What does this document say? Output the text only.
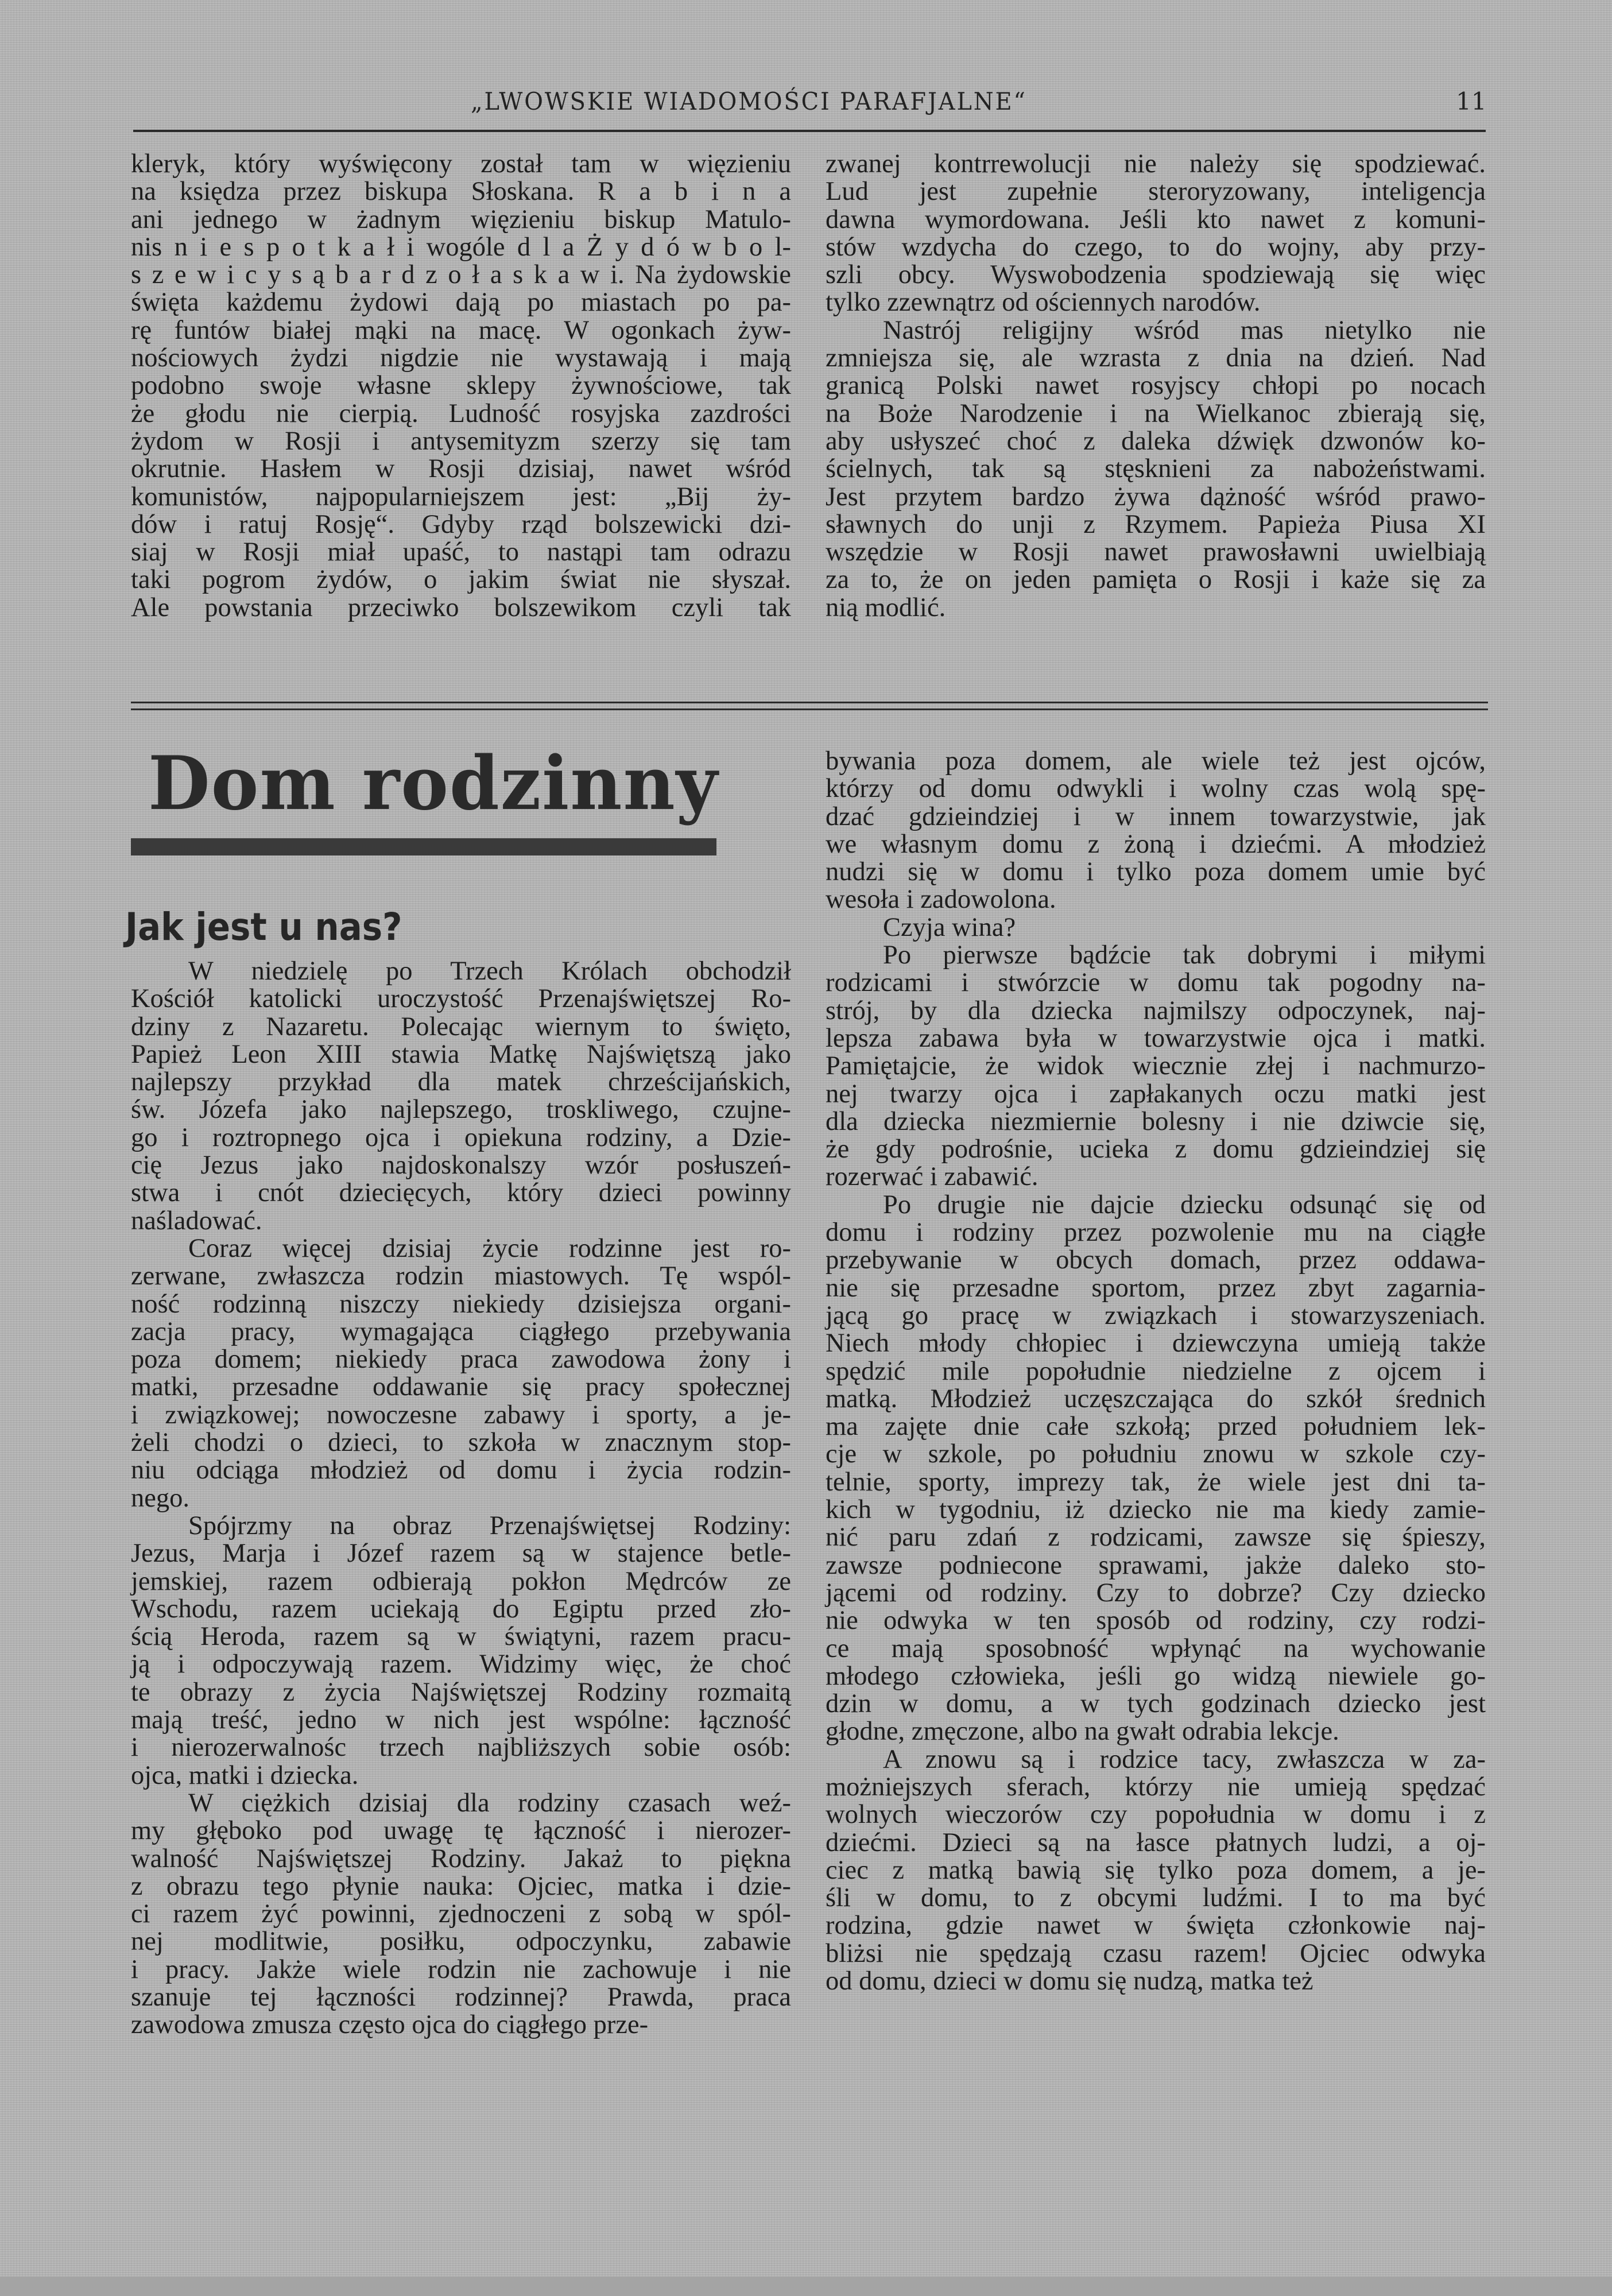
„LWOWSKIE WIADOMOŚCI PARAFJALNE“	11
kleryk, który wyświęcony został tam w więzieniu
na księdza przez biskupa Słoskana. R a b i n a
ani jednego w żadnym więzieniu biskup Matulo-
nis n i e s p o t k a ł i wogóle d l a Ż y d ó w b o l-
s z e w i c y s ą b a r d z o ł a s k a w i. Na żydowskie
święta każdemu żydowi dają po miastach po pa-
rę funtów białej mąki na macę. W ogonkach żyw-
nościowych żydzi nigdzie nie wystawają i mają
podobno swoje własne sklepy żywnościowe, tak
że głodu nie cierpią. Ludność rosyjska zazdrości
żydom w Rosji i antysemityzm szerzy się tam
okrutnie. Hasłem w Rosji dzisiaj, nawet wśród
komunistów, najpopularniejszem jest: „Bij ży-
dów i ratuj Rosję“. Gdyby rząd bolszewicki dzi-
siaj w Rosji miał upaść, to nastąpi tam odrazu
taki pogrom żydów, o jakim świat nie słyszał.
Ale powstania przeciwko bolszewikom czyli tak
zwanej kontrrewolucji nie należy się spodziewać.
Lud jest zupełnie steroryzowany, inteligencja
dawna wymordowana. Jeśli kto nawet z komuni-
stów wzdycha do czego, to do wojny, aby przy-
szli obcy. Wyswobodzenia spodziewają się więc
tylko zzewnątrz od ościennych narodów.
Nastrój religijny wśród mas nietylko nie
zmniejsza się, ale wzrasta z dnia na dzień. Nad
granicą Polski nawet rosyjscy chłopi po nocach
na Boże Narodzenie i na Wielkanoc zbierają się,
aby usłyszeć choć z daleka dźwięk dzwonów ko-
ścielnych, tak są stęsknieni za nabożeństwami.
Jest przytem bardzo żywa dążność wśród prawo-
sławnych do unji z Rzymem. Papieża Piusa XI
wszędzie w Rosji nawet prawosławni uwielbiają
za to, że on jeden pamięta o Rosji i każe się za
nią modlić.
Dom rodzinny
Jak jest u nas?
W niedzielę po Trzech Królach obchodził
Kościół katolicki uroczystość Przenajświętszej Ro-
dziny z Nazaretu. Polecając wiernym to święto,
Papież Leon XIII stawia Matkę Najświętszą jako
najlepszy przykład dla matek chrześcijańskich,
św. Józefa jako najlepszego, troskliwego, czujne-
go i roztropnego ojca i opiekuna rodziny, a Dzie-
cię Jezus jako najdoskonalszy wzór posłuszeń-
stwa i cnót dziecięcych, który dzieci powinny
naśladować.
Coraz więcej dzisiaj życie rodzinne jest ro-
zerwane, zwłaszcza rodzin miastowych. Tę wspól-
ność rodzinną niszczy niekiedy dzisiejsza organi-
zacja pracy, wymagająca ciągłego przebywania
poza domem; niekiedy praca zawodowa żony i
matki, przesadne oddawanie się pracy społecznej
i związkowej; nowoczesne zabawy i sporty, a je-
żeli chodzi o dzieci, to szkoła w znacznym stop-
niu odciąga młodzież od domu i życia rodzin-
nego.
Spójrzmy na obraz Przenajświętsej Rodziny:
Jezus, Marja i Józef razem są w stajence betle-
jemskiej, razem odbierają pokłon Mędrców ze
Wschodu, razem uciekają do Egiptu przed zło-
ścią Heroda, razem są w świątyni, razem pracu-
ją i odpoczywają razem. Widzimy więc, że choć
te obrazy z życia Najświętszej Rodziny rozmaitą
mają treść, jedno w nich jest wspólne: łączność
i nierozerwalnośc trzech najbliższych sobie osób:
ojca, matki i dziecka.
W ciężkich dzisiaj dla rodziny czasach weź-
my głęboko pod uwagę tę łączność i nierozer-
walność Najświętszej Rodziny. Jakaż to piękna
z obrazu tego płynie nauka: Ojciec, matka i dzie-
ci razem żyć powinni, zjednoczeni z sobą w spól-
nej modlitwie, posiłku, odpoczynku, zabawie
i pracy. Jakże wiele rodzin nie zachowuje i nie
szanuje tej łączności rodzinnej? Prawda, praca
zawodowa zmusza często ojca do ciągłego prze-
bywania poza domem, ale wiele też jest ojców,
którzy od domu odwykli i wolny czas wolą spę-
dzać gdzieindziej i w innem towarzystwie, jak
we własnym domu z żoną i dziećmi. A młodzież
nudzi się w domu i tylko poza domem umie być
wesoła i zadowolona.
Czyja wina?
Po pierwsze bądźcie tak dobrymi i miłymi
rodzicami i stwórzcie w domu tak pogodny na-
strój, by dla dziecka najmilszy odpoczynek, naj-
lepsza zabawa była w towarzystwie ojca i matki.
Pamiętajcie, że widok wiecznie złej i nachmurzo-
nej twarzy ojca i zapłakanych oczu matki jest
dla dziecka niezmiernie bolesny i nie dziwcie się,
że gdy podrośnie, ucieka z domu gdzieindziej się
rozerwać i zabawić.
Po drugie nie dajcie dziecku odsunąć się od
domu i rodziny przez pozwolenie mu na ciągłe
przebywanie w obcych domach, przez oddawa-
nie się przesadne sportom, przez zbyt zagarnia-
jącą go pracę w związkach i stowarzyszeniach.
Niech młody chłopiec i dziewczyna umieją także
spędzić mile popołudnie niedzielne z ojcem i
matką. Młodzież uczęszczająca do szkół średnich
ma zajęte dnie całe szkołą; przed południem lek-
cje w szkole, po południu znowu w szkole czy-
telnie, sporty, imprezy tak, że wiele jest dni ta-
kich w tygodniu, iż dziecko nie ma kiedy zamie-
nić paru zdań z rodzicami, zawsze się śpieszy,
zawsze podniecone sprawami, jakże daleko sto-
jącemi od rodziny. Czy to dobrze? Czy dziecko
nie odwyka w ten sposób od rodziny, czy rodzi-
ce mają sposobność wpłynąć na wychowanie
młodego człowieka, jeśli go widzą niewiele go-
dzin w domu, a w tych godzinach dziecko jest
głodne, zmęczone, albo na gwałt odrabia lekcje.
A znowu są i rodzice tacy, zwłaszcza w za-
możniejszych sferach, którzy nie umieją spędzać
wolnych wieczorów czy popołudnia w domu i z
dziećmi. Dzieci są na łasce płatnych ludzi, a oj-
ciec z matką bawią się tylko poza domem, a je-
śli w domu, to z obcymi ludźmi. I to ma być
rodzina, gdzie nawet w święta członkowie naj-
bliżsi nie spędzają czasu razem! Ojciec odwyka
od domu, dzieci w domu się nudzą, matka też
